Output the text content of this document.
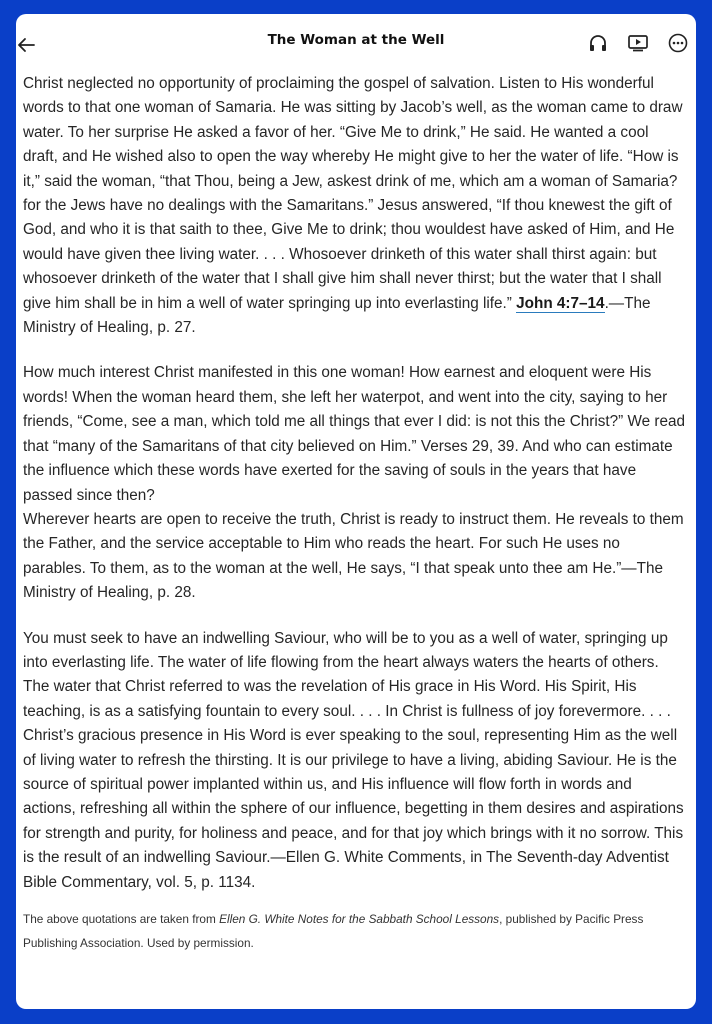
The Woman at the Well

Christ neglected no opportunity of proclaiming the gospel of salvation. Listen to His wonderful words to that one woman of Samaria. He was sitting by Jacob’s well, as the woman came to draw water. To her surprise He asked a favor of her. “Give Me to drink,” He said. He wanted a cool draft, and He wished also to open the way whereby He might give to her the water of life. “How is it,” said the woman, “that Thou, being a Jew, askest drink of me, which am a woman of Samaria? for the Jews have no dealings with the Samaritans.” Jesus answered, “If thou knewest the gift of God, and who it is that saith to thee, Give Me to drink; thou wouldest have asked of Him, and He would have given thee living water. . . . Whosoever drinketh of this water shall thirst again: but whosoever drinketh of the water that I shall give him shall never thirst; but the water that I shall give him shall be in him a well of water springing up into everlasting life.” John 4:7–14.—The Ministry of Healing, p. 27.

How much interest Christ manifested in this one woman! How earnest and eloquent were His words! When the woman heard them, she left her waterpot, and went into the city, saying to her friends, “Come, see a man, which told me all things that ever I did: is not this the Christ?” We read that “many of the Samaritans of that city believed on Him.” Verses 29, 39. And who can estimate the influence which these words have exerted for the saving of souls in the years that have passed since then?

Wherever hearts are open to receive the truth, Christ is ready to instruct them. He reveals to them the Father, and the service acceptable to Him who reads the heart. For such He uses no parables. To them, as to the woman at the well, He says, “I that speak unto thee am He.”—The Ministry of Healing, p. 28.

You must seek to have an indwelling Saviour, who will be to you as a well of water, springing up into everlasting life. The water of life flowing from the heart always waters the hearts of others.

The water that Christ referred to was the revelation of His grace in His Word. His Spirit, His teaching, is as a satisfying fountain to every soul. . . . In Christ is fullness of joy forevermore. . . . Christ’s gracious presence in His Word is ever speaking to the soul, representing Him as the well of living water to refresh the thirsting. It is our privilege to have a living, abiding Saviour. He is the source of spiritual power implanted within us, and His influence will flow forth in words and actions, refreshing all within the sphere of our influence, begetting in them desires and aspirations for strength and purity, for holiness and peace, and for that joy which brings with it no sorrow. This is the result of an indwelling Saviour.—Ellen G. White Comments, in The Seventh-day Adventist Bible Commentary, vol. 5, p. 1134.

The above quotations are taken from Ellen G. White Notes for the Sabbath School Lessons, published by Pacific Press Publishing Association. Used by permission.
